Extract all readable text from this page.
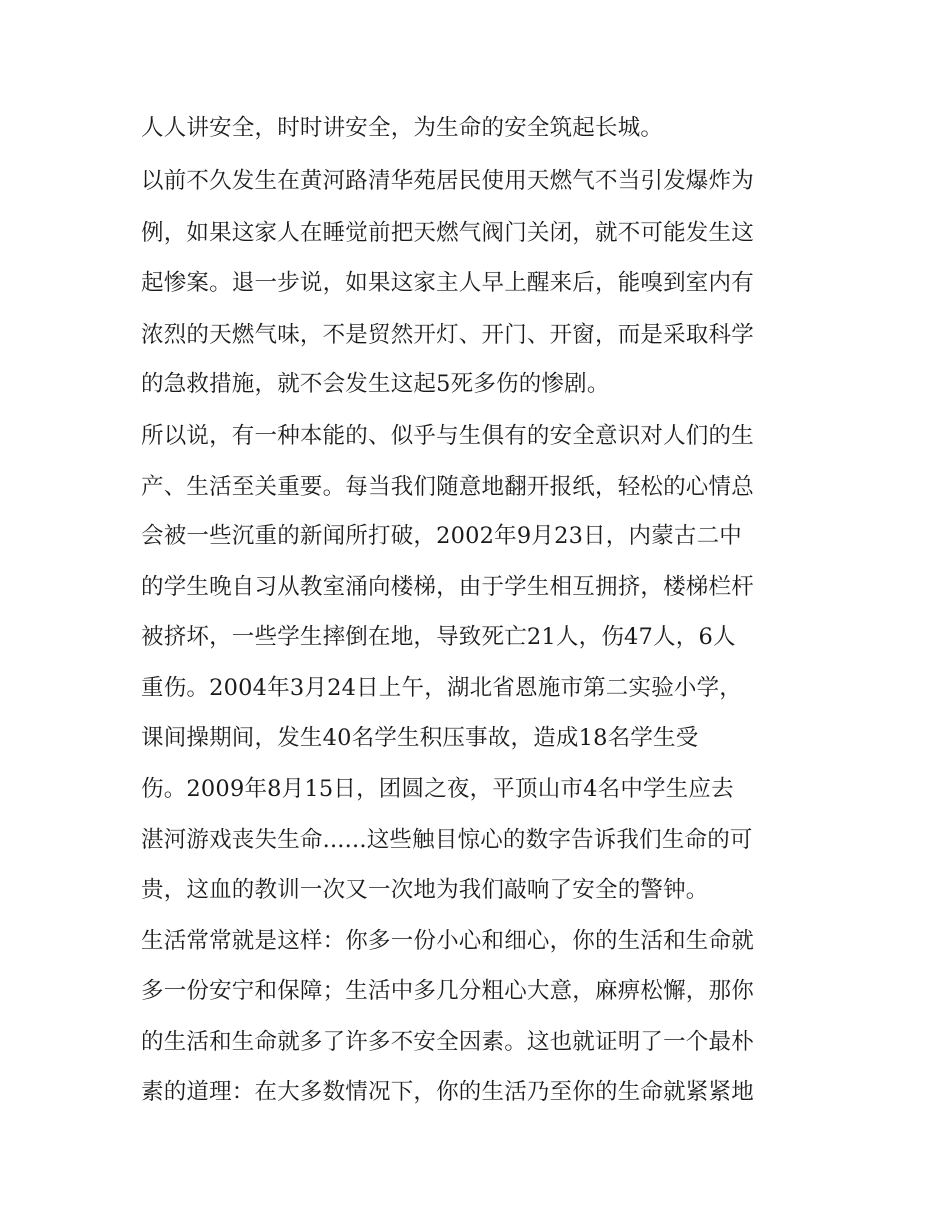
人人讲安全，时时讲安全，为生命的安全筑起长城。
以前不久发生在黄河路清华苑居民使用天燃气不当引发爆炸为
例，如果这家人在睡觉前把天燃气阀门关闭，就不可能发生这
起惨案。退一步说，如果这家主人早上醒来后，能嗅到室内有
浓烈的天燃气味，不是贸然开灯、开门、开窗，而是采取科学
的急救措施，就不会发生这起5死多伤的惨剧。
所以说，有一种本能的、似乎与生俱有的安全意识对人们的生
产、生活至关重要。每当我们随意地翻开报纸，轻松的心情总
会被一些沉重的新闻所打破，2002年9月23日，内蒙古二中
的学生晚自习从教室涌向楼梯，由于学生相互拥挤，楼梯栏杆
被挤坏，一些学生摔倒在地，导致死亡21人，伤47人，6人
重伤。2004年3月24日上午，湖北省恩施市第二实验小学，
课间操期间，发生40名学生积压事故，造成18名学生受
伤。2009年8月15日，团圆之夜，平顶山市4名中学生应去
湛河游戏丧失生命......这些触目惊心的数字告诉我们生命的可
贵，这血的教训一次又一次地为我们敲响了安全的警钟。
生活常常就是这样：你多一份小心和细心，你的生活和生命就
多一份安宁和保障；生活中多几分粗心大意，麻痹松懈，那你
的生活和生命就多了许多不安全因素。这也就证明了一个最朴
素的道理：在大多数情况下，你的生活乃至你的生命就紧紧地
